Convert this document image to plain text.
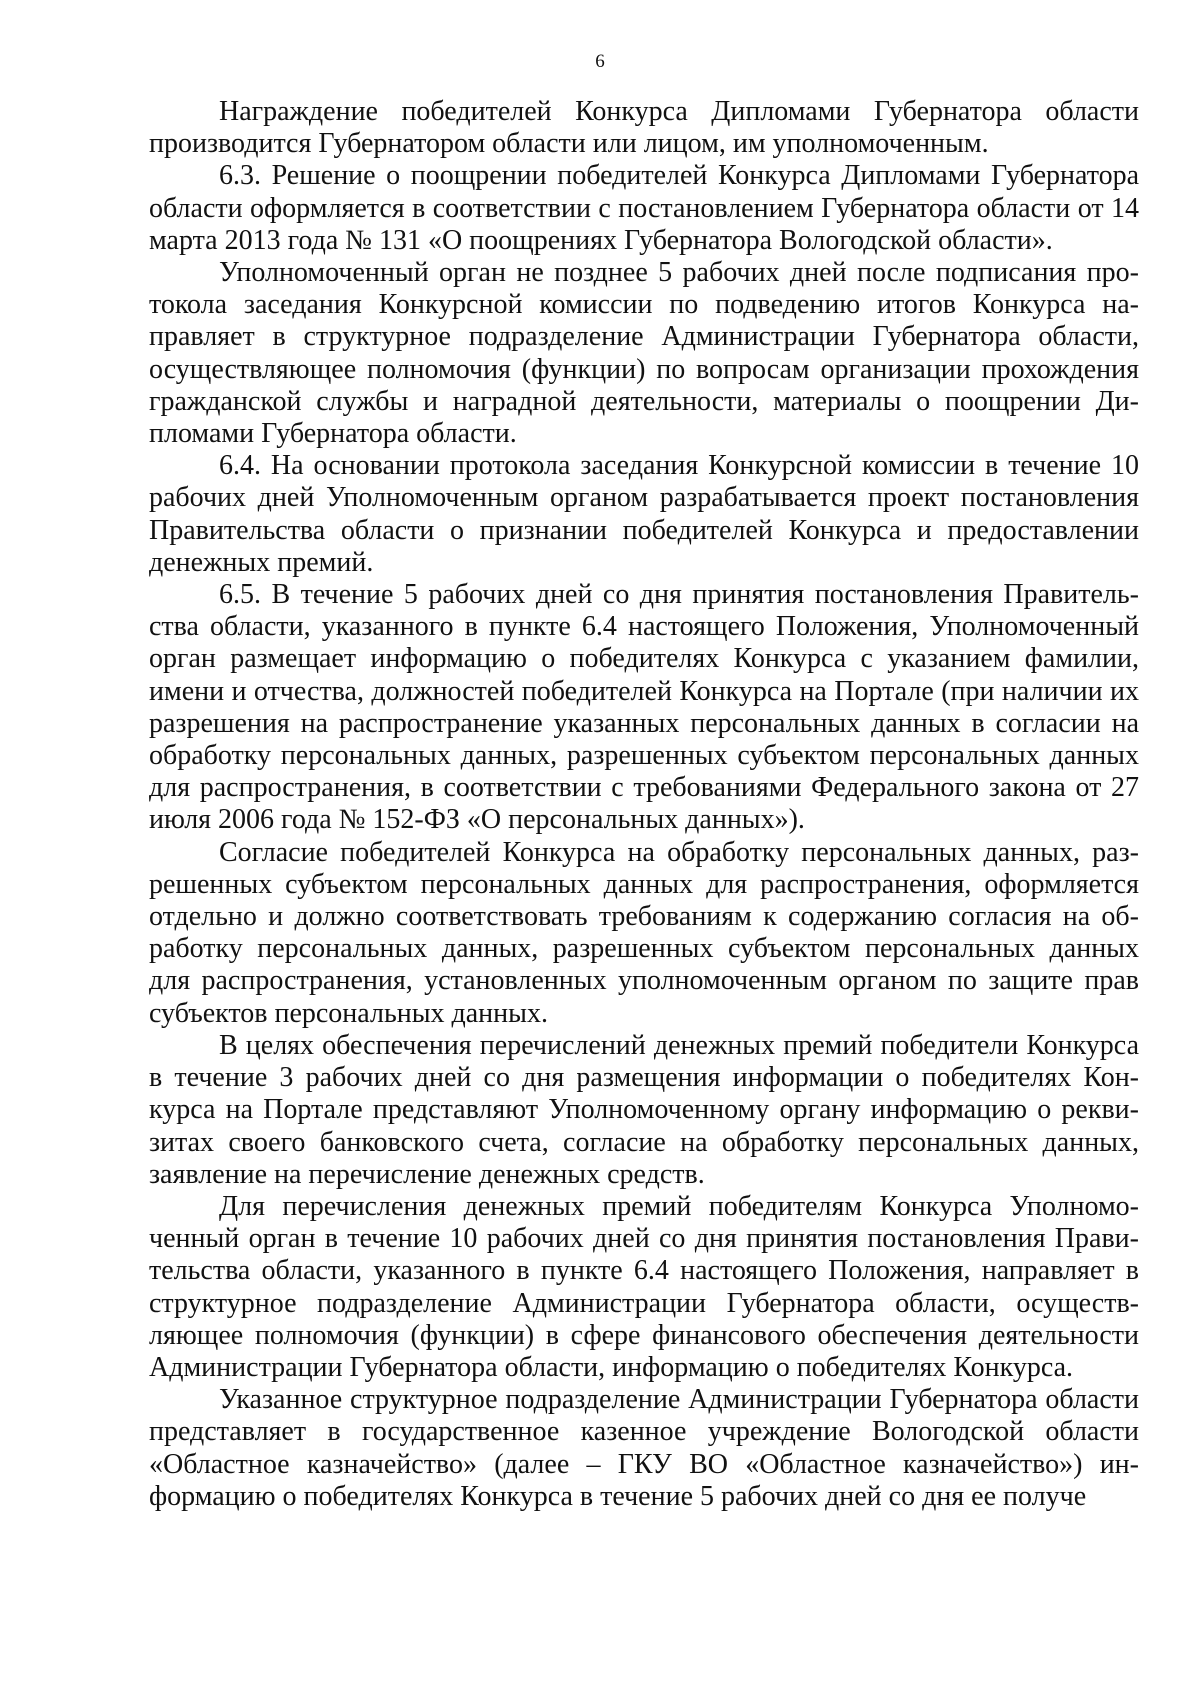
6

Награждение победителей Конкурса Дипломами Губернатора области производится Губернатором области или лицом, им уполномоченным.

6.3. Решение о поощрении победителей Конкурса Дипломами Губернатора области оформляется в соответствии с постановлением Губернатора области от 14 марта 2013 года № 131 «О поощрениях Губернатора Вологодской области».

Уполномоченный орган не позднее 5 рабочих дней после подписания протокола заседания Конкурсной комиссии по подведению итогов Конкурса направляет в структурное подразделение Администрации Губернатора области, осуществляющее полномочия (функции) по вопросам организации прохождения гражданской службы и наградной деятельности, материалы о поощрении Дипломами Губернатора области.

6.4. На основании протокола заседания Конкурсной комиссии в течение 10 рабочих дней Уполномоченным органом разрабатывается проект постановления Правительства области о признании победителей Конкурса и предоставлении денежных премий.

6.5. В течение 5 рабочих дней со дня принятия постановления Правительства области, указанного в пункте 6.4 настоящего Положения, Уполномоченный орган размещает информацию о победителях Конкурса с указанием фамилии, имени и отчества, должностей победителей Конкурса на Портале (при наличии их разрешения на распространение указанных персональных данных в согласии на обработку персональных данных, разрешенных субъектом персональных данных для распространения, в соответствии с требованиями Федерального закона от 27 июля 2006 года № 152-ФЗ «О персональных данных»).

Согласие победителей Конкурса на обработку персональных данных, разрешенных субъектом персональных данных для распространения, оформляется отдельно и должно соответствовать требованиям к содержанию согласия на обработку персональных данных, разрешенных субъектом персональных данных для распространения, установленных уполномоченным органом по защите прав субъектов персональных данных.

В целях обеспечения перечислений денежных премий победители Конкурса в течение 3 рабочих дней со дня размещения информации о победителях Конкурса на Портале представляют Уполномоченному органу информацию о реквизитах своего банковского счета, согласие на обработку персональных данных, заявление на перечисление денежных средств.

Для перечисления денежных премий победителям Конкурса Уполномоченный орган в течение 10 рабочих дней со дня принятия постановления Правительства области, указанного в пункте 6.4 настоящего Положения, направляет в структурное подразделение Администрации Губернатора области, осуществляющее полномочия (функции) в сфере финансового обеспечения деятельности Администрации Губернатора области, информацию о победителях Конкурса.

Указанное структурное подразделение Администрации Губернатора области представляет в государственное казенное учреждение Вологодской области «Областное казначейство» (далее – ГКУ ВО «Областное казначейство») информацию о победителях Конкурса в течение 5 рабочих дней со дня ее получе
